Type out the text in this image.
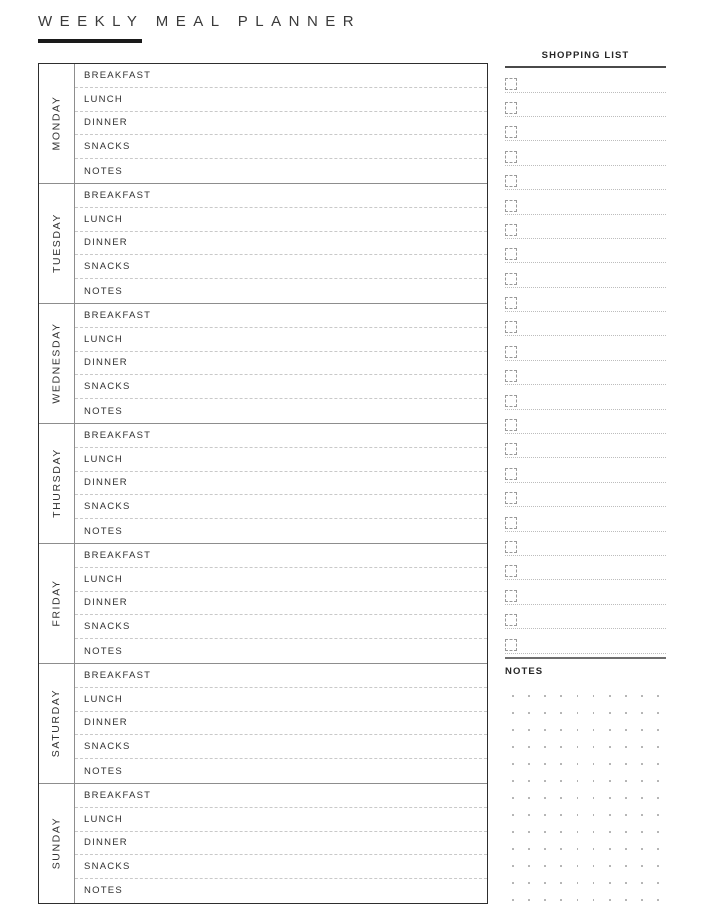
WEEKLY MEAL PLANNER
MONDAY
BREAKFAST
LUNCH
DINNER
SNACKS
NOTES
TUESDAY
BREAKFAST
LUNCH
DINNER
SNACKS
NOTES
WEDNESDAY
BREAKFAST
LUNCH
DINNER
SNACKS
NOTES
THURSDAY
BREAKFAST
LUNCH
DINNER
SNACKS
NOTES
FRIDAY
BREAKFAST
LUNCH
DINNER
SNACKS
NOTES
SATURDAY
BREAKFAST
LUNCH
DINNER
SNACKS
NOTES
SUNDAY
BREAKFAST
LUNCH
DINNER
SNACKS
NOTES
SHOPPING LIST
NOTES
